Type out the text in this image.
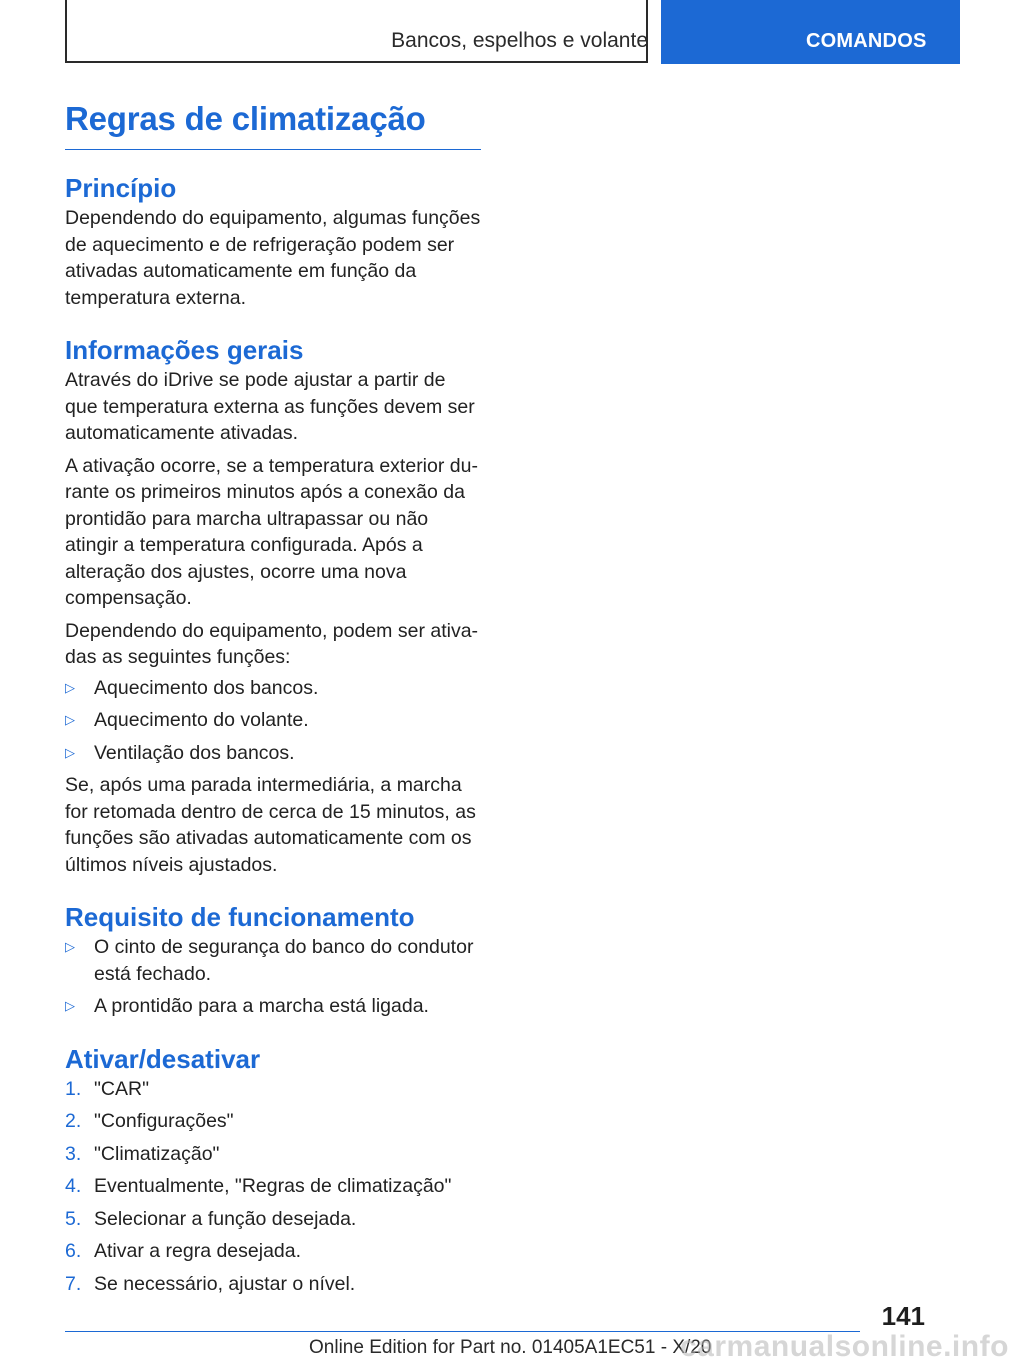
Bancos, espelhos e volante	COMANDOS
Regras de climatização
Princípio

Dependendo do equipamento, algumas funções de aquecimento e de refrigeração podem ser ativadas automaticamente em função da temperatura externa.

Informações gerais

Através do iDrive se pode ajustar a partir de que temperatura externa as funções devem ser automaticamente ativadas.

A ativação ocorre, se a temperatura exterior durante os primeiros minutos após a conexão da prontidão para marcha ultrapassar ou não atingir a temperatura configurada. Após a alteração dos ajustes, ocorre uma nova compensação.

Dependendo do equipamento, podem ser ativadas as seguintes funções:

▷ Aquecimento dos bancos.
▷ Aquecimento do volante.
▷ Ventilação dos bancos.

Se, após uma parada intermediária, a marcha for retomada dentro de cerca de 15 minutos, as funções são ativadas automaticamente com os últimos níveis ajustados.

Requisito de funcionamento
▷ O cinto de segurança do banco do condutor está fechado.
▷ A prontidão para a marcha está ligada.
Ativar/desativar
1. "CAR"
2. "Configurações"
3. "Climatização"
4. Eventualmente, "Regras de climatização"
5. Selecionar a função desejada.
6. Ativar a regra desejada.
7. Se necessário, ajustar o nível.
141
Online Edition for Part no. 01405A1EC51 - X/20
carmanualsonline.info
